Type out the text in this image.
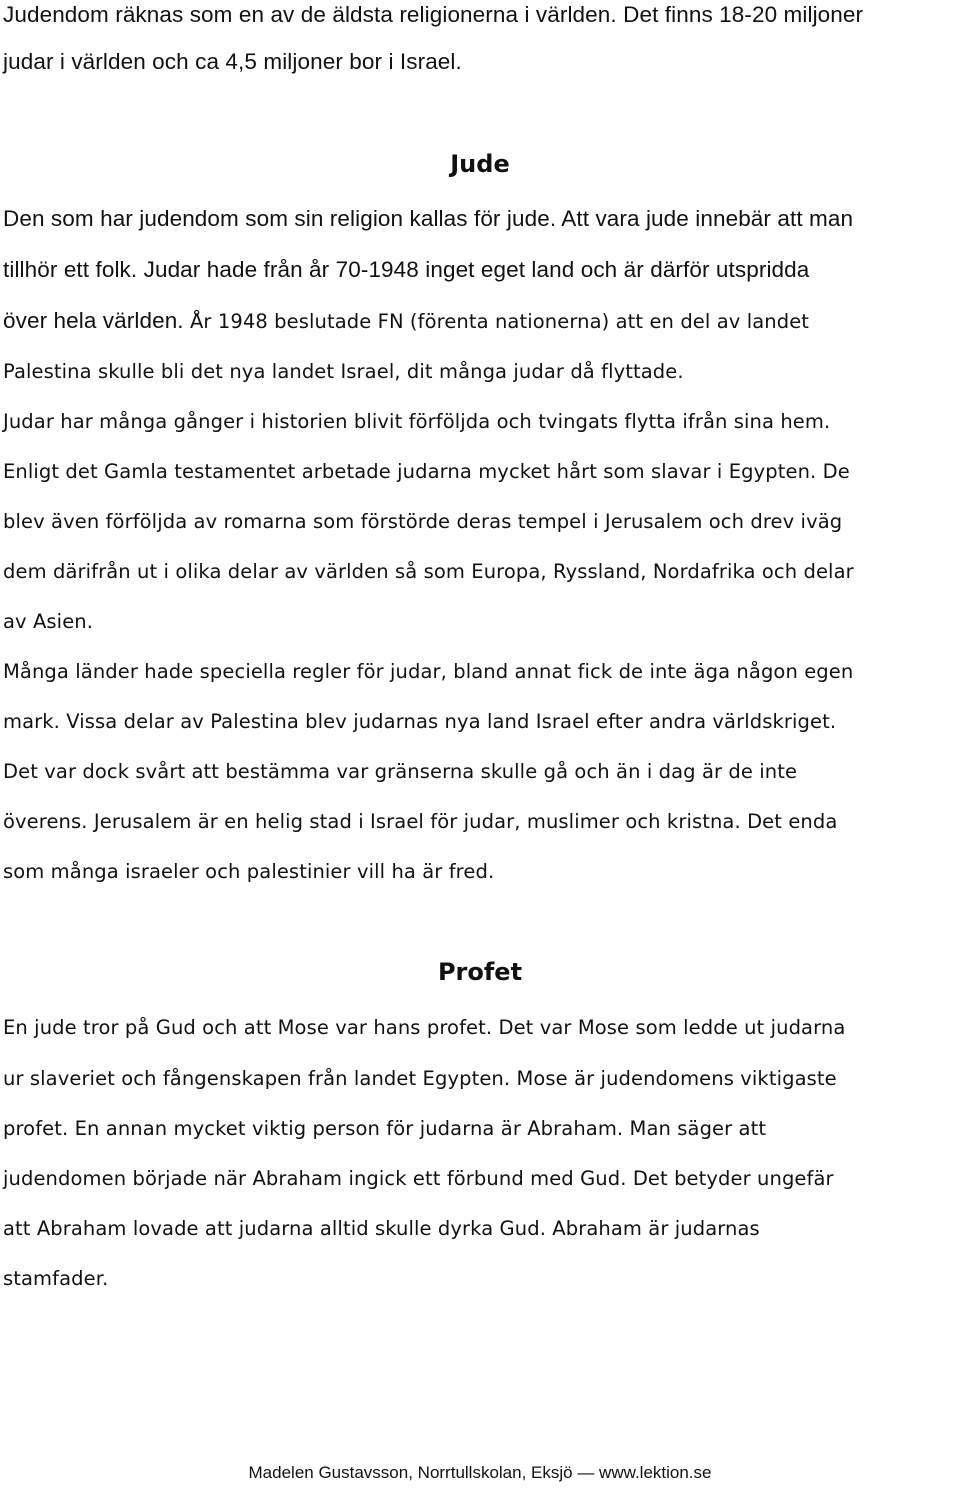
Judendom räknas som en av de äldsta religionerna i världen. Det finns 18-20 miljoner
judar i världen och ca 4,5 miljoner bor i Israel.
Jude
Den som har judendom som sin religion kallas för jude. Att vara jude innebär att man
tillhör ett folk. Judar hade från år 70-1948 inget eget land och är därför utspridda
över hela världen. År 1948 beslutade FN (förenta nationerna) att en del av landet
Palestina skulle bli det nya landet Israel, dit många judar då flyttade.
Judar har många gånger i historien blivit förföljda och tvingats flytta ifrån sina hem.
Enligt det Gamla testamentet arbetade judarna mycket hårt som slavar i Egypten. De
blev även förföljda av romarna som förstörde deras tempel i Jerusalem och drev iväg
dem därifrån ut i olika delar av världen så som Europa, Ryssland, Nordafrika och delar
av Asien.
Många länder hade speciella regler för judar, bland annat fick de inte äga någon egen
mark. Vissa delar av Palestina blev judarnas nya land Israel efter andra världskriget.
Det var dock svårt att bestämma var gränserna skulle gå och än i dag är de inte
överens. Jerusalem är en helig stad i Israel för judar, muslimer och kristna. Det enda
som många israeler och palestinier vill ha är fred.
Profet
En jude tror på Gud och att Mose var hans profet. Det var Mose som ledde ut judarna
ur slaveriet och fångenskapen från landet Egypten. Mose är judendomens viktigaste
profet. En annan mycket viktig person för judarna är Abraham. Man säger att
judendomen började när Abraham ingick ett förbund med Gud. Det betyder ungefär
att Abraham lovade att judarna alltid skulle dyrka Gud. Abraham är judarnas
stamfader.
Madelen Gustavsson, Norrtullskolan, Eksjö — www.lektion.se
